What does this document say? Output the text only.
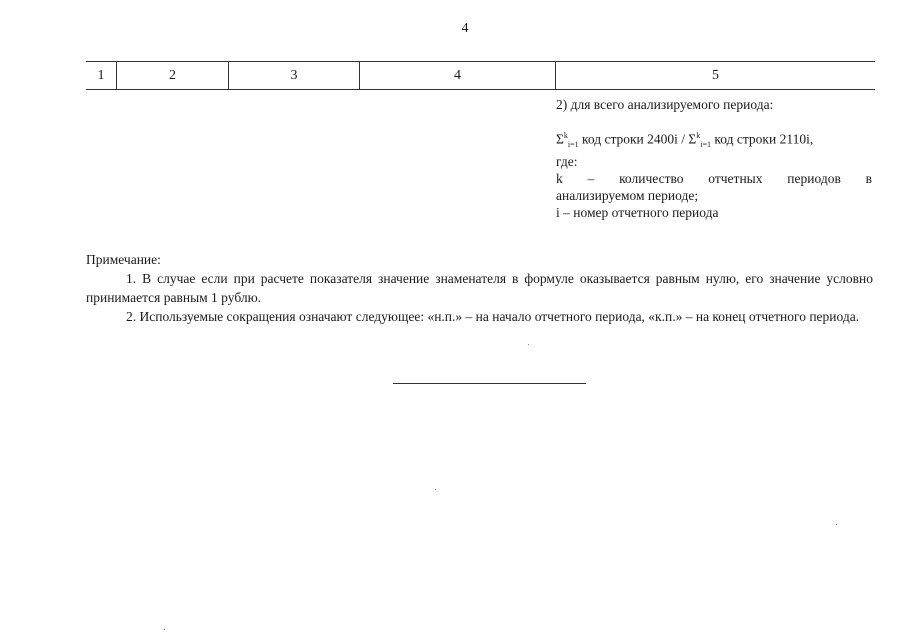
4
1	2	3	4	5

2) для всего анализируемого периода:

$\Sigma^k_{i=1}$ код строки $2400i / \Sigma^k_{i=1}$ код строки 2110i,

где:

k – количество отчетных периодов в

анализируемом периоде;

i – номер отчетного периода

Примечание:

1. В случае если при расчете показателя значение знаменателя в формуле оказывается равным нулю, его значение условно принимается равным 1 рублю.

2. Используемые сокращения означают следующее: «н.п.» – на начало отчетного периода, «к.п.» – на конец отчетного периода.
